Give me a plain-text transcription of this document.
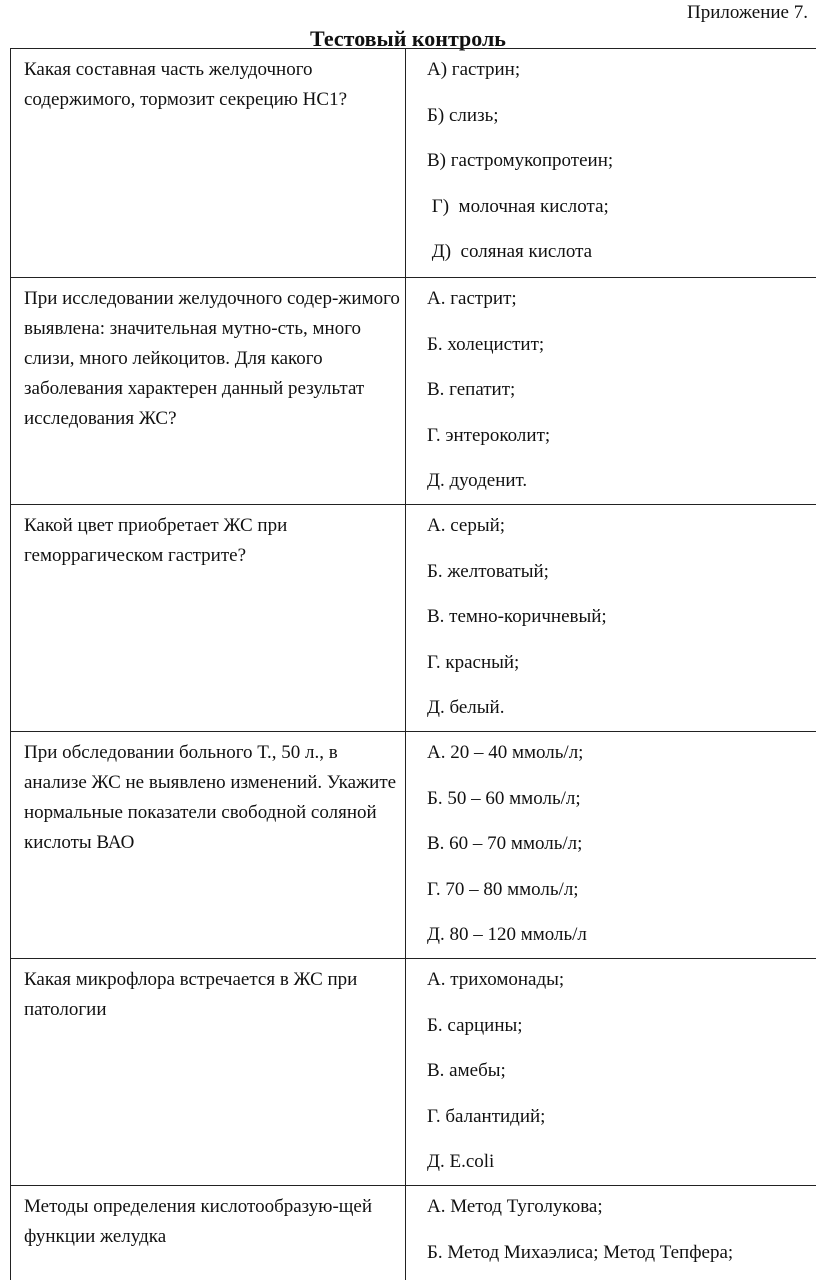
Приложение 7.
Тестовый контроль
Какая составная часть желудочного содержимого, тормозит секрецию НС1?
А) гастрин;
Б) слизь;
В) гастромукопротеин;
Г)  молочная кислота;
Д)  соляная кислота
При исследовании желудочного содер-жимого выявлена: значительная мутно-сть, много слизи, много лейкоцитов. Для какого заболевания характерен данный результат исследования ЖС?
А. гастрит;
Б. холецистит;
В. гепатит;
Г. энтероколит;
Д. дуоденит.
Какой цвет приобретает ЖС при геморрагическом гастрите?
А. серый;
Б. желтоватый;
В. темно-коричневый;
Г. красный;
Д. белый.
При обследовании больного Т., 50 л., в анализе ЖС не выявлено изменений. Укажите нормальные показатели свободной соляной кислоты ВАО
А. 20 – 40 ммоль/л;
Б. 50 – 60 ммоль/л;
В. 60 – 70 ммоль/л;
Г. 70 – 80 ммоль/л;
Д. 80 – 120 ммоль/л
Какая микрофлора встречается в ЖС при патологии
А. трихомонады;
Б. сарцины;
В. амебы;
Г. балантидий;
Д. E.coli
Методы определения кислотообразую-щей функции желудка
А. Метод Туголукова;
Б. Метод Михаэлиса; Метод Тепфера;
